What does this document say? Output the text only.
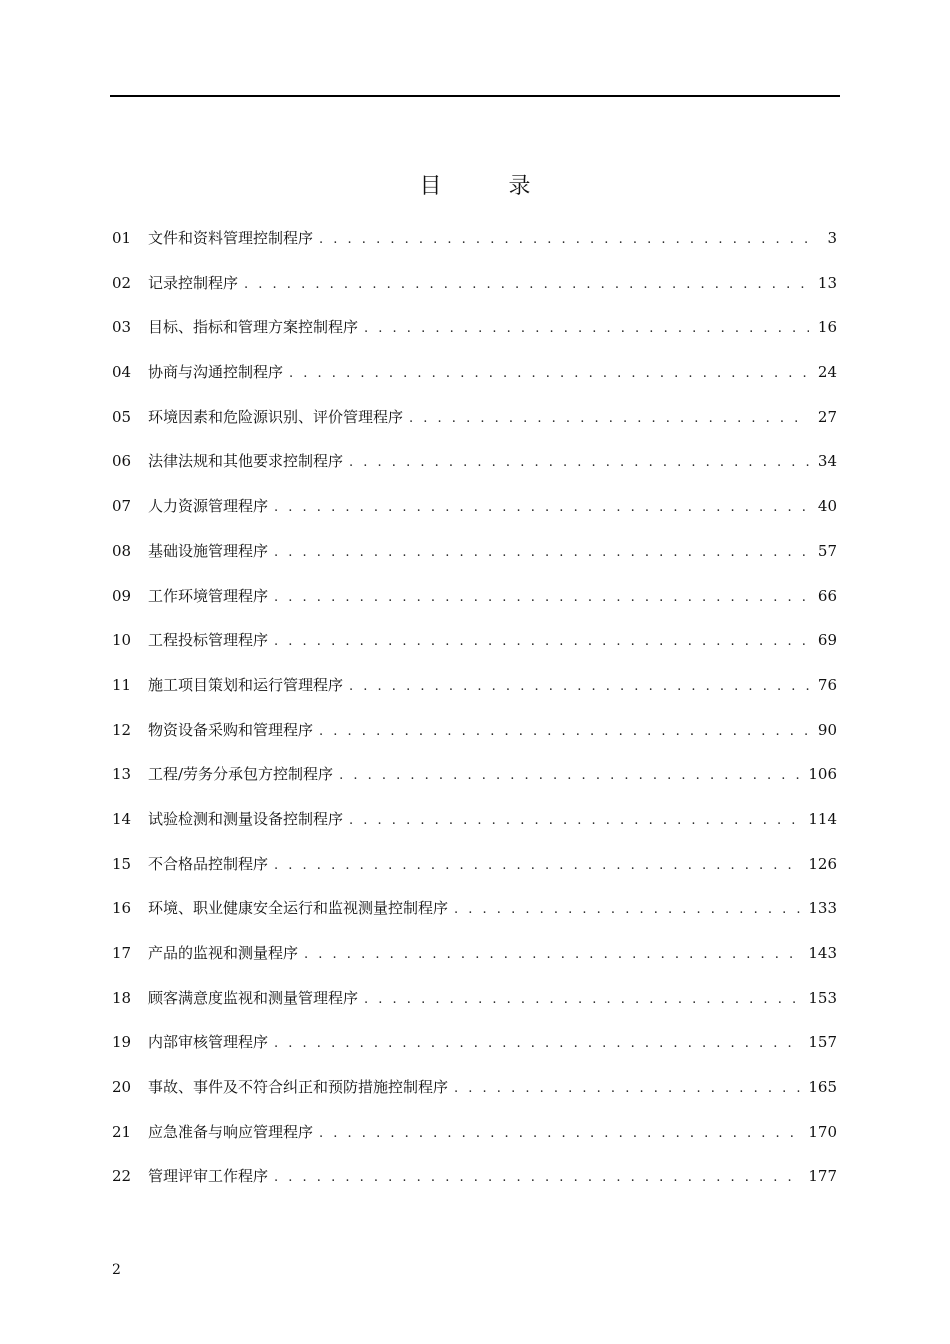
目 录
01	文件和资料管理控制程序 . . .	3
02	记录控制程序 . . .	13
03	目标、指标和管理方案控制程序 . . .	16
04	协商与沟通控制程序 . . .	24
05	环境因素和危险源识别、评价管理程序 . . .	27
06	法律法规和其他要求控制程序 . . .	34
07	人力资源管理程序 . . .	40
08	基础设施管理程序 . . .	57
09	工作环境管理程序 . . .	66
10	工程投标管理程序 . . .	69
11	施工项目策划和运行管理程序 . . .	76
12	物资设备采购和管理程序 . . .	90
13	工程/劳务分承包方控制程序 . . .	106
14	试验检测和测量设备控制程序 . . .	114
15	不合格品控制程序 . . .	126
16	环境、职业健康安全运行和监视测量控制程序 . . .	133
17	产品的监视和测量程序 . . .	143
18	顾客满意度监视和测量管理程序 . . .	153
19	内部审核管理程序 . . .	157
20	事故、事件及不符合纠正和预防措施控制程序 . . .	165
21	应急准备与响应管理程序 . . .	170
22	管理评审工作程序 . . .	177
2
